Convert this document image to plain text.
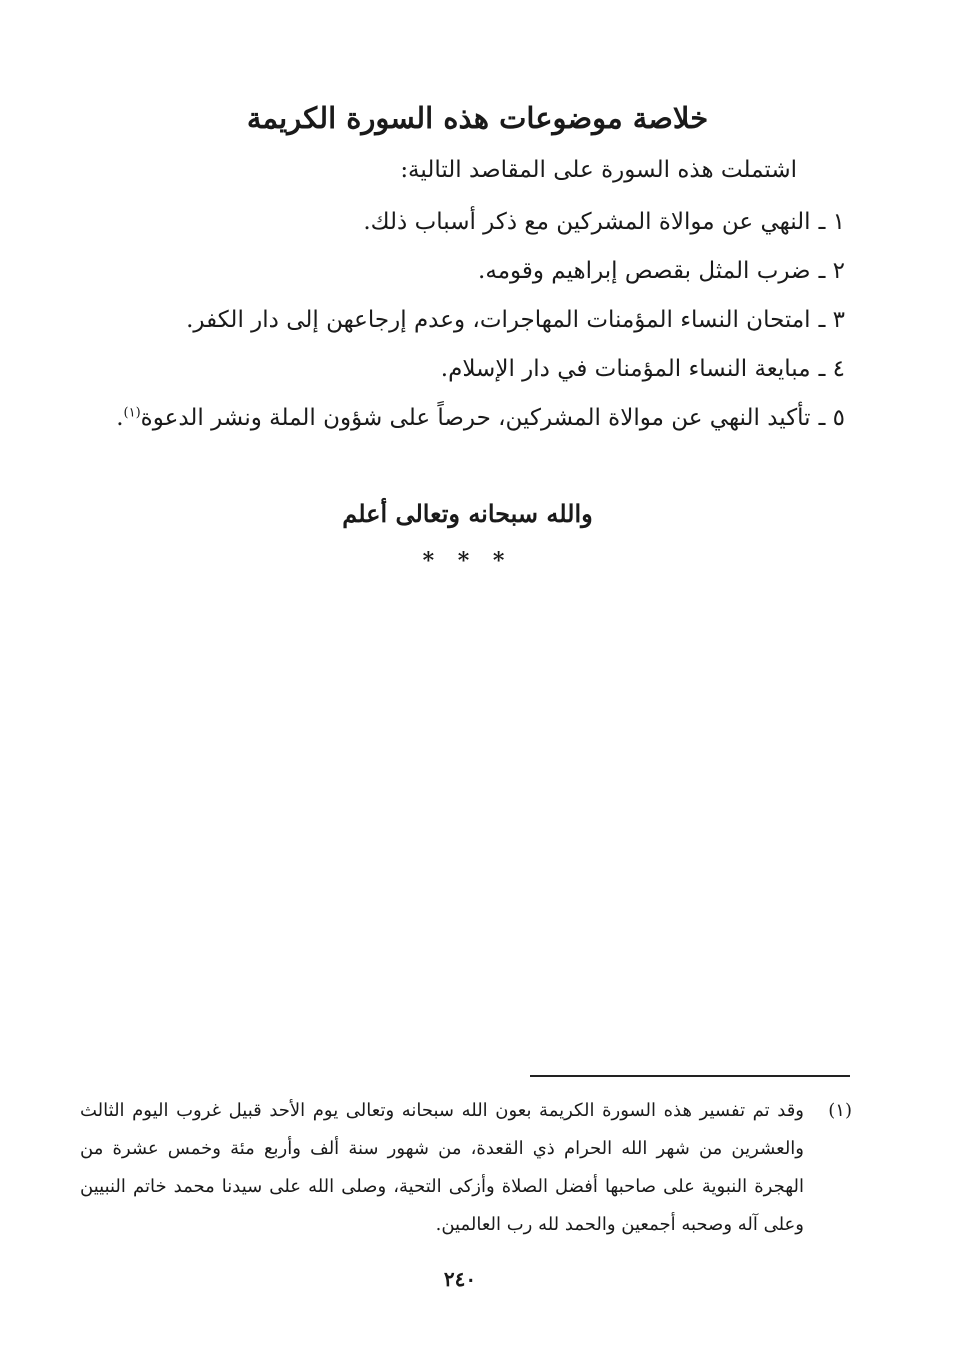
خلاصة موضوعات هذه السورة الكريمة
اشتملت هذه السورة على المقاصد التالية:
١ ـالنهي عن موالاة المشركين مع ذكر أسباب ذلك.
٢ ـضرب المثل بقصص إبراهيم وقومه.
٣ ـامتحان النساء المؤمنات المهاجرات، وعدم إرجاعهن إلى دار الكفر.
٤ ـمبايعة النساء المؤمنات في دار الإسلام.
٥ ـتأكيد النهي عن موالاة المشركين، حرصاً على شؤون الملة ونشر الدعوة$^{(١)}$.
والله سبحانه وتعالى أعلم
* * *
(١)
وقد تم تفسير هذه السورة الكريمة بعون الله سبحانه وتعالى يوم الأحد قبيل غروب اليوم الثالث والعشرين من شهر الله الحرام ذي القعدة، من شهور سنة ألف وأربع مئة وخمس عشرة من الهجرة النبوية على صاحبها أفضل الصلاة وأزكى التحية، وصلى الله على سيدنا محمد خاتم النبيين وعلى آله وصحبه أجمعين والحمد لله رب العالمين.
٢٤٠
